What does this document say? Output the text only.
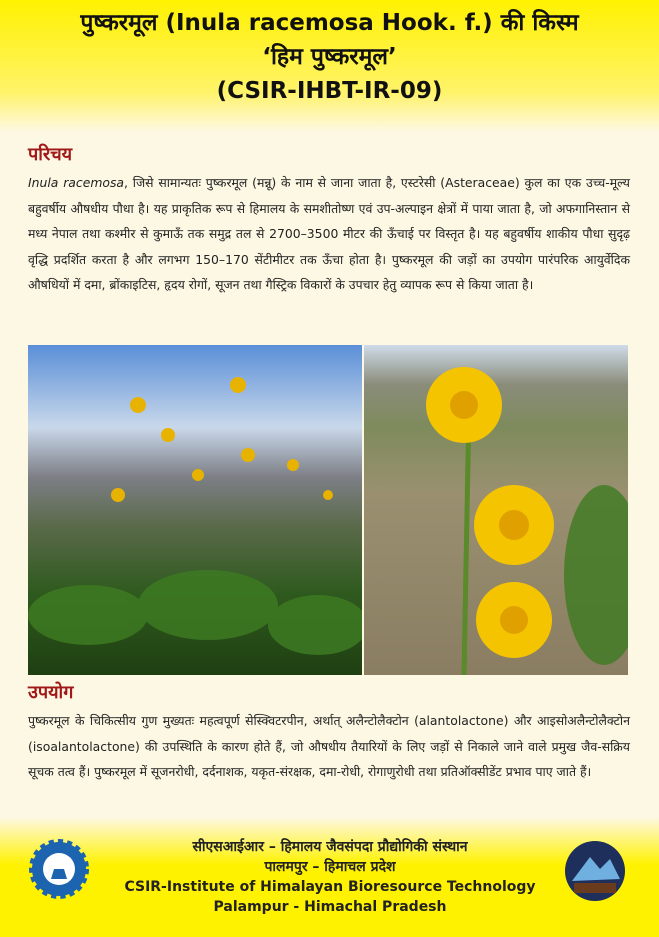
पुष्करमूल (Inula racemosa Hook. f.) की किस्म
‘हिम पुष्करमूल’
(CSIR-IHBT-IR-09)
परिचय

Inula racemosa, जिसे सामान्यतः पुष्करमूल (मन्नू) के नाम से जाना जाता है, एस्टरेसी (Asteraceae) कुल का एक उच्च-मूल्य बहुवर्षीय औषधीय पौधा है। यह प्राकृतिक रूप से हिमालय के समशीतोष्ण एवं उप-अल्पाइन क्षेत्रों में पाया जाता है, जो अफगानिस्तान से मध्य नेपाल तथा कश्मीर से कुमाऊँ तक समुद्र तल से 2700–3500 मीटर की ऊँचाई पर विस्तृत है। यह बहुवर्षीय शाकीय पौधा सुदृढ़ वृद्धि प्रदर्शित करता है और लगभग 150–170 सेंटीमीटर तक ऊँचा होता है। पुष्करमूल की जड़ों का उपयोग पारंपरिक आयुर्वेदिक औषधियों में दमा, ब्रोंकाइटिस, हृदय रोगों, सूजन तथा गैस्ट्रिक विकारों के उपचार हेतु व्यापक रूप से किया जाता है।

उपयोग

पुष्करमूल के चिकित्सीय गुण मुख्यतः महत्वपूर्ण सेस्क्विटरपीन, अर्थात् अलैन्टोलैक्टोन (alantolactone) और आइसोअलैन्टोलैक्टोन (isoalantolactone) की उपस्थिति के कारण होते हैं, जो औषधीय तैयारियों के लिए जड़ों से निकाले जाने वाले प्रमुख जैव-सक्रिय सूचक तत्व हैं। पुष्करमूल में सूजनरोधी, दर्दनाशक, यकृत-संरक्षक, दमा-रोधी, रोगाणुरोधी तथा प्रतिऑक्सीडेंट प्रभाव पाए जाते हैं।

सीएसआईआर – हिमालय जैवसंपदा प्रौद्योगिकी संस्थान
पालमपुर – हिमाचल प्रदेश
CSIR-Institute of Himalayan Bioresource Technology
Palampur - Himachal Pradesh
